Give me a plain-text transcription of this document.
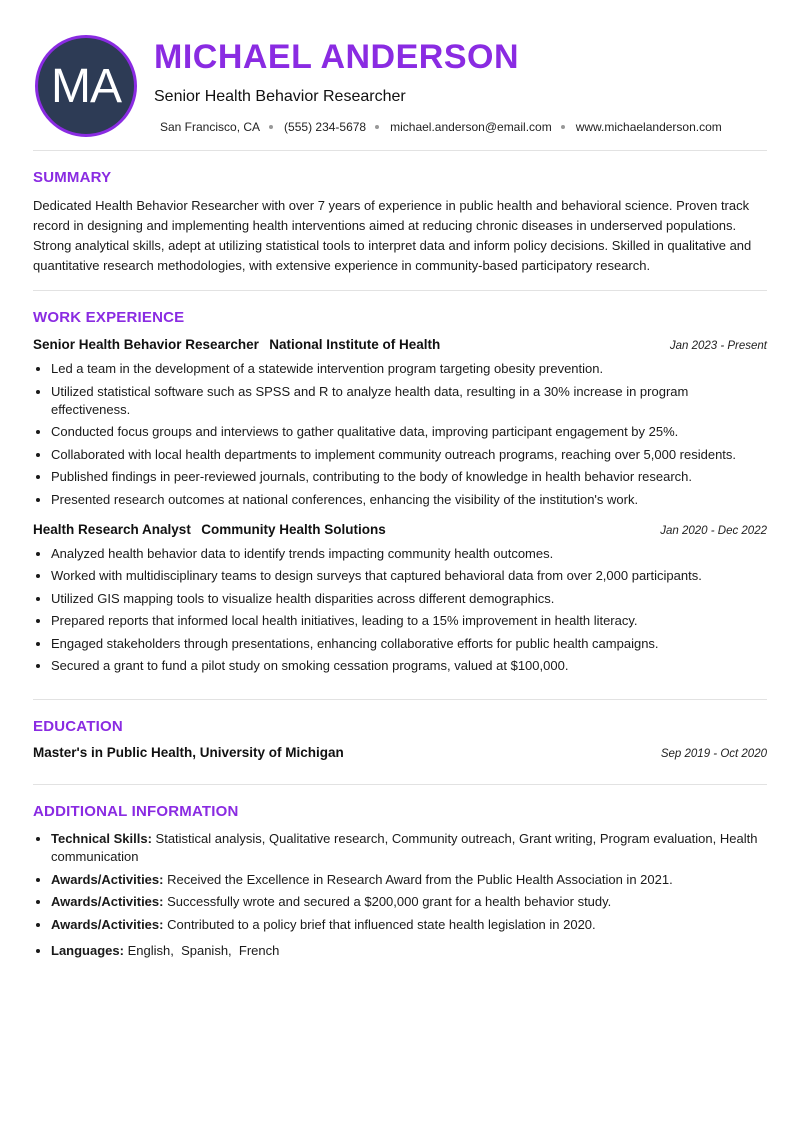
MA
MICHAEL ANDERSON

Senior Health Behavior Researcher

San Francisco, CA (555) 234-5678 michael.anderson@email.com www.michaelanderson.com
SUMMARY

Dedicated Health Behavior Researcher with over 7 years of experience in public health and behavioral science. Proven track record in designing and implementing health interventions aimed at reducing chronic diseases in underserved populations. Strong analytical skills, adept at utilizing statistical tools to interpret data and inform policy decisions. Skilled in qualitative and quantitative research methodologies, with extensive experience in community-based participatory research.

WORK EXPERIENCE
Senior Health Behavior Researcher National Institute of Health	Jan 2023 - Present
• Led a team in the development of a statewide intervention program targeting obesity prevention.
• Utilized statistical software such as SPSS and R to analyze health data, resulting in a 30% increase in program effectiveness.
• Conducted focus groups and interviews to gather qualitative data, improving participant engagement by 25%.
• Collaborated with local health departments to implement community outreach programs, reaching over 5,000 residents.
• Published findings in peer-reviewed journals, contributing to the body of knowledge in health behavior research.
• Presented research outcomes at national conferences, enhancing the visibility of the institution's work.
Health Research Analyst Community Health Solutions	Jan 2020 - Dec 2022
• Analyzed health behavior data to identify trends impacting community health outcomes.
• Worked with multidisciplinary teams to design surveys that captured behavioral data from over 2,000 participants.
• Utilized GIS mapping tools to visualize health disparities across different demographics.
• Prepared reports that informed local health initiatives, leading to a 15% improvement in health literacy.
• Engaged stakeholders through presentations, enhancing collaborative efforts for public health campaigns.
• Secured a grant to fund a pilot study on smoking cessation programs, valued at $100,000.
EDUCATION
Master's in Public Health, University of Michigan	Sep 2019 - Oct 2020
ADDITIONAL INFORMATION
• Technical Skills: Statistical analysis, Qualitative research, Community outreach, Grant writing, Program evaluation, Health communication
• Awards/Activities: Received the Excellence in Research Award from the Public Health Association in 2021.
• Awards/Activities: Successfully wrote and secured a $200,000 grant for a health behavior study.
• Awards/Activities: Contributed to a policy brief that influenced state health legislation in 2020.
• Languages: English,  Spanish,  French
